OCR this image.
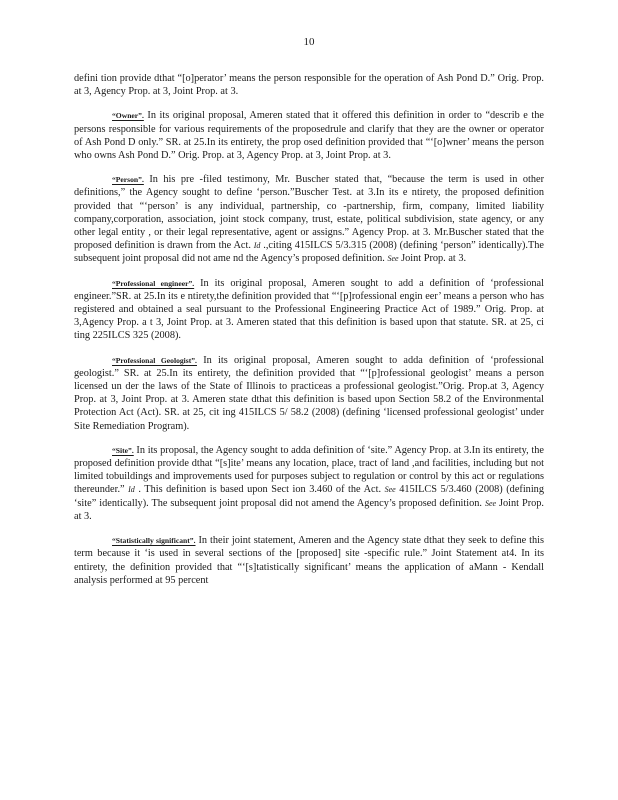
10

defini tion provide dthat “[o]perator’ means the person responsible for the operation of Ash Pond D.” Orig. Prop. at 3, Agency Prop. at 3, Joint Prop. at 3.

“Owner”. In its original proposal, Ameren stated that it offered this definition in order to “describ e the persons responsible for various requirements of the proposedrule and clarify that they are the owner or operator of Ash Pond D only.” SR. at 25.In its entirety, the prop osed definition provided that “‘[o]wner’ means the person who owns Ash Pond D.” Orig. Prop. at 3, Agency Prop. at 3, Joint Prop. at 3.

“Person”. In his pre -filed testimony, Mr. Buscher stated that, “because the term is used in other definitions,” the Agency sought to define ‘person.”Buscher Test. at 3.In its e ntirety, the proposed definition provided that “‘person’ is any individual, partnership, co -partnership, firm, company, limited liability company,corporation, association, joint stock company, trust, estate, political subdivision, state agency, or any other legal entity , or their legal representative, agent or assigns.” Agency Prop. at 3. Mr.Buscher stated that the proposed definition is drawn from the Act. Id .,citing 415ILCS 5/3.315 (2008) (defining ‘person” identically).The subsequent joint proposal did not ame nd the Agency’s proposed definition. See Joint Prop. at 3.

“Professional engineer”. In its original proposal, Ameren sought to add a definition of ‘professional engineer.”SR. at 25.In its e ntirety,the definition provided that “‘[p]rofessional engin eer’ means a person who has registered and obtained a seal pursuant to the Professional Engineering Practice Act of 1989.” Orig. Prop. at 3,Agency Prop. a t 3, Joint Prop. at 3. Ameren stated that this definition is based upon that statute. SR. at 25, ci ting 225ILCS 325 (2008).

“Professional Geologist”. In its original proposal, Ameren sought to adda definition of ‘professional geologist.” SR. at 25.In its entirety, the definition provided that “‘[p]rofessional geologist’ means a person licensed un der the laws of the State of Illinois to practiceas a professional geologist.”Orig. Prop.at 3, Agency Prop. at 3, Joint Prop. at 3. Ameren state dthat this definition is based upon Section 58.2 of the Environmental Protection Act (Act). SR. at 25, cit ing 415ILCS 5/ 58.2 (2008) (defining ‘licensed professional geologist’ under Site Remediation Program).

“Site”. In its proposal, the Agency sought to adda definition of ‘site.” Agency Prop. at 3.In its entirety, the proposed definition provide dthat “[s]ite’ means any location, place, tract of land ,and facilities, including but not limited tobuildings and improvements used for purposes subject to regulation or control by this act or regulations thereunder.” Id . This definition is based upon Sect ion 3.460 of the Act. See 415ILCS 5/3.460 (2008) (defining ‘site” identically). The subsequent joint proposal did not amend the Agency’s proposed definition. See Joint Prop. at 3.

“Statistically significant”. In their joint statement, Ameren and the Agency state dthat they seek to define this term because it ‘is used in several sections of the [proposed] site -specific rule.” Joint Statement at4. In its entirety, the definition provided that “‘[s]tatistically significant’ means the application of aMann - Kendall analysis performed at 95 percent
